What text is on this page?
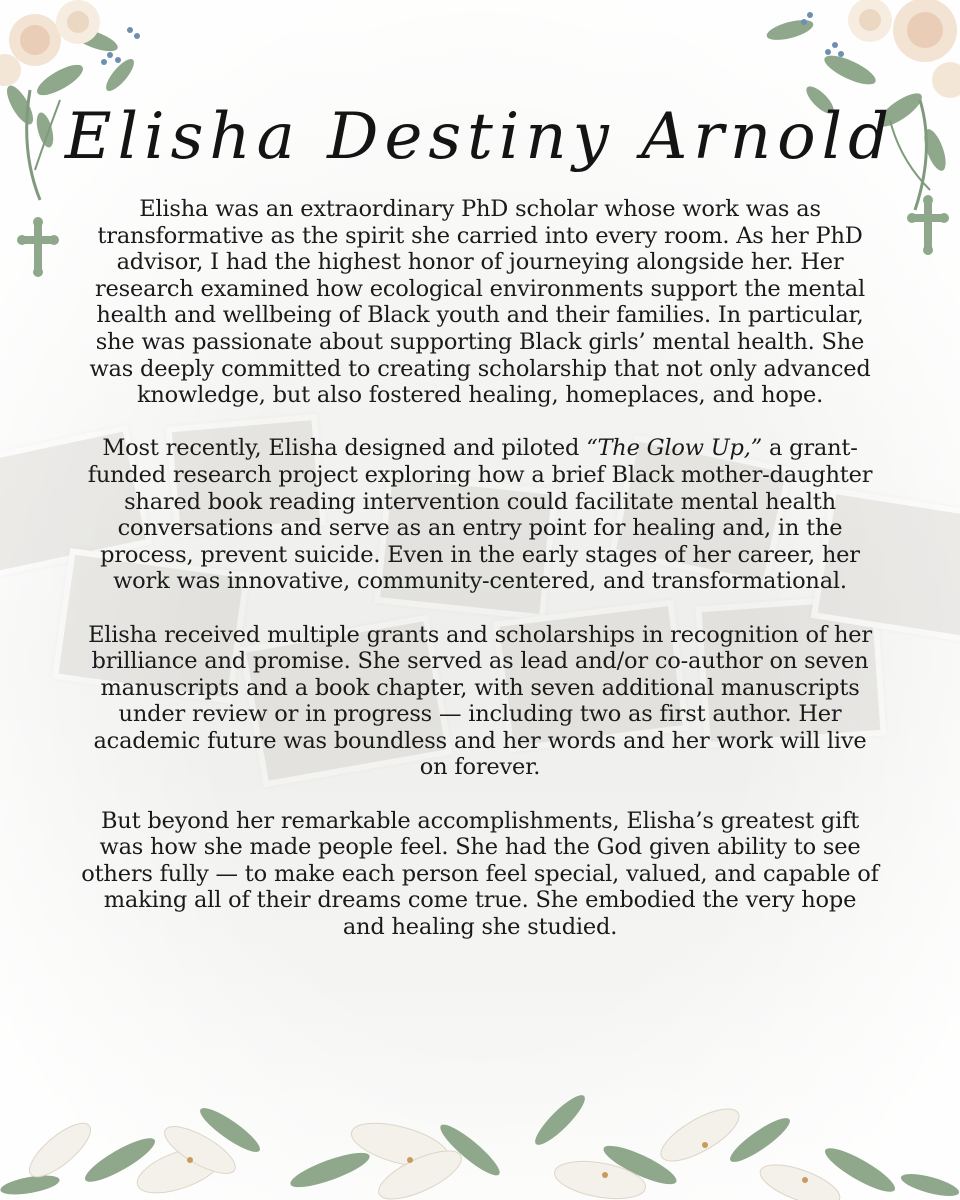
Elisha Destiny Arnold

Elisha was an extraordinary PhD scholar whose work was as transformative as the spirit she carried into every room. As her PhD advisor, I had the highest honor of journeying alongside her. Her research examined how ecological environments support the mental health and wellbeing of Black youth and their families. In particular, she was passionate about supporting Black girls’ mental health. She was deeply committed to creating scholarship that not only advanced knowledge, but also fostered healing, homeplaces, and hope.

Most recently, Elisha designed and piloted “The Glow Up,” a grant-funded research project exploring how a brief Black mother-daughter shared book reading intervention could facilitate mental health conversations and serve as an entry point for healing and, in the process, prevent suicide. Even in the early stages of her career, her work was innovative, community-centered, and transformational.

Elisha received multiple grants and scholarships in recognition of her brilliance and promise. She served as lead and/or co-author on seven manuscripts and a book chapter, with seven additional manuscripts under review or in progress — including two as first author. Her academic future was boundless and her words and her work will live on forever.

But beyond her remarkable accomplishments, Elisha’s greatest gift was how she made people feel. She had the God given ability to see others fully — to make each person feel special, valued, and capable of making all of their dreams come true. She embodied the very hope and healing she studied.
